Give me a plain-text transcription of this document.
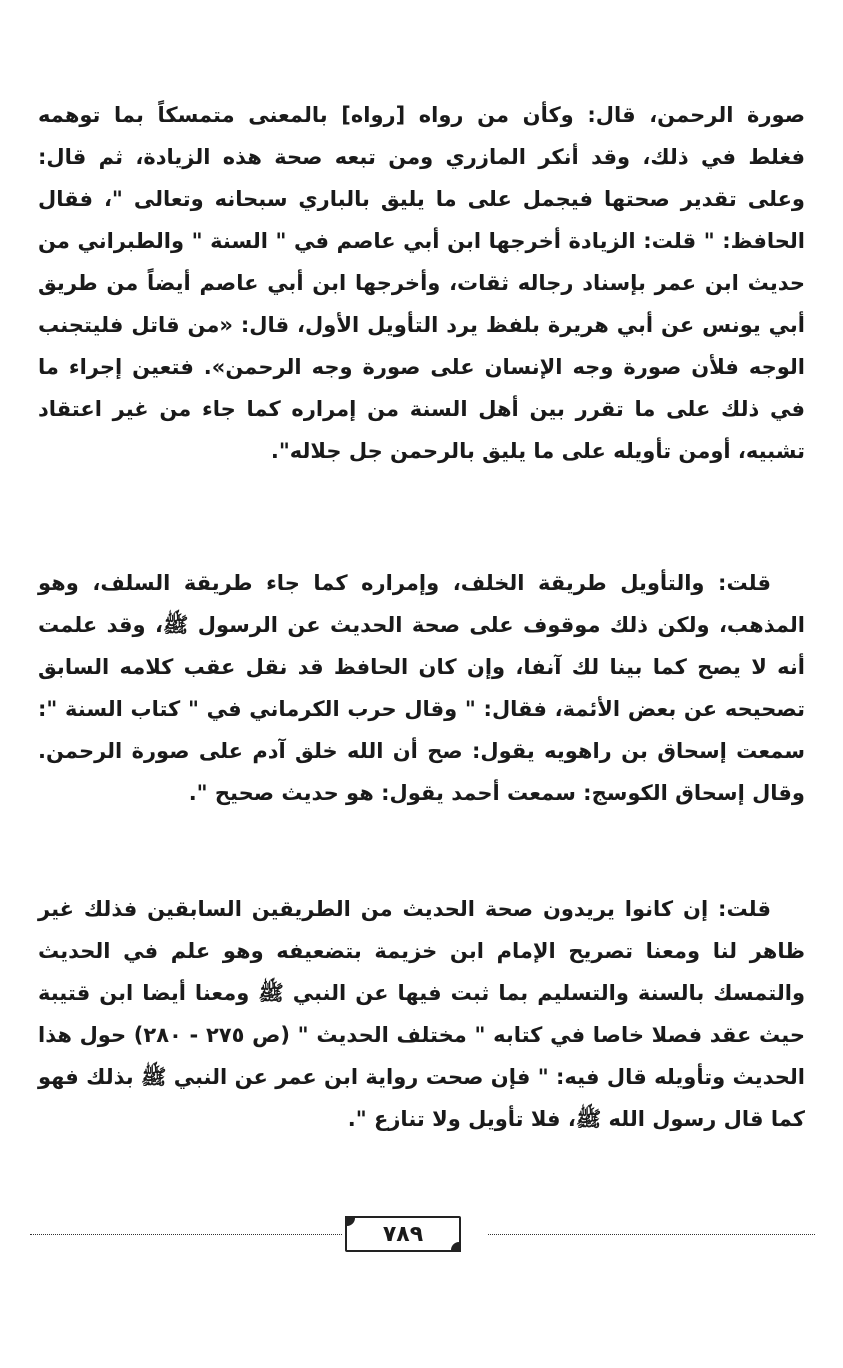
صورة الرحمن، قال: وكأن من رواه [رواه] بالمعنى متمسكاً بما توهمه فغلط في ذلك، وقد أنكر المازري ومن تبعه صحة هذه الزيادة، ثم قال: وعلى تقدير صحتها فيجمل على ما يليق بالباري سبحانه وتعالى "، فقال الحافظ: " قلت: الزيادة أخرجها ابن أبي عاصم في " السنة " والطبراني من حديث ابن عمر بإسناد رجاله ثقات، وأخرجها ابن أبي عاصم أيضاً من طريق أبي يونس عن أبي هريرة بلفظ يرد التأويل الأول، قال: «من قاتل فليتجنب الوجه فلأن صورة وجه الإنسان على صورة وجه الرحمن». فتعين إجراء ما في ذلك على ما تقرر بين أهل السنة من إمراره كما جاء من غير اعتقاد تشبيه، أومن تأويله على ما يليق بالرحمن جل جلاله".

قلت: والتأويل طريقة الخلف، وإمراره كما جاء طريقة السلف، وهو المذهب، ولكن ذلك موقوف على صحة الحديث عن الرسول ﷺ، وقد علمت أنه لا يصح كما بينا لك آنفا، وإن كان الحافظ قد نقل عقب كلامه السابق تصحيحه عن بعض الأئمة، فقال: " وقال حرب الكرماني في " كتاب السنة ": سمعت إسحاق بن راهويه يقول: صح أن الله خلق آدم على صورة الرحمن. وقال إسحاق الكوسج: سمعت أحمد يقول: هو حديث صحيح ".

قلت: إن كانوا يريدون صحة الحديث من الطريقين السابقين فذلك غير ظاهر لنا ومعنا تصريح الإمام ابن خزيمة بتضعيفه وهو علم في الحديث والتمسك بالسنة والتسليم بما ثبت فيها عن النبي ﷺ ومعنا أيضا ابن قتيبة حيث عقد فصلا خاصا في كتابه " مختلف الحديث " (ص ٢٧٥ - ٢٨٠) حول هذا الحديث وتأويله قال فيه: " فإن صحت رواية ابن عمر عن النبي ﷺ بذلك فهو كما قال رسول الله ﷺ، فلا تأويل ولا تنازع ".

٧٨٩
